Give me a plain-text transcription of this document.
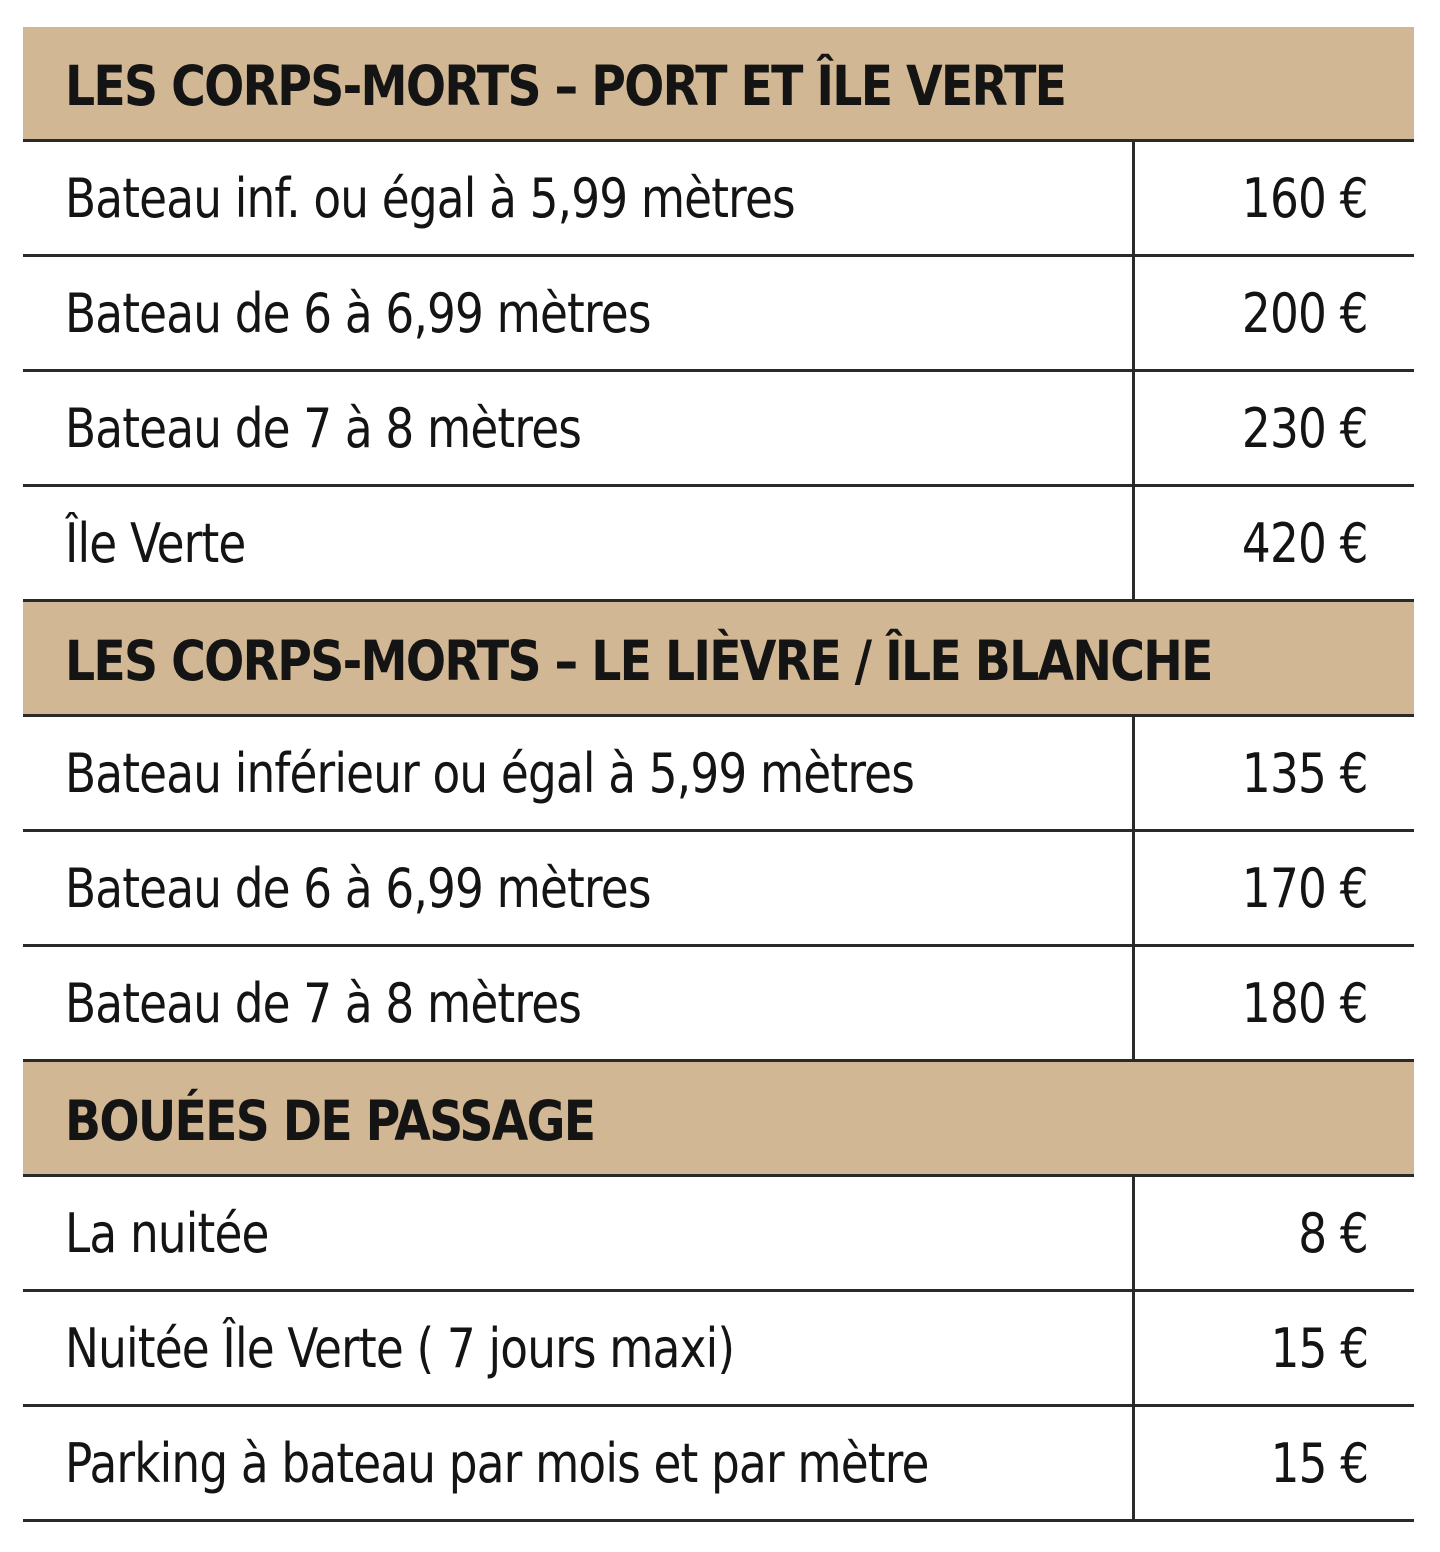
LES CORPS-MORTS – PORT ET ÎLE VERTE
Bateau inf. ou égal à 5,99 mètres	160 €
Bateau de 6 à 6,99 mètres	200 €
Bateau de 7 à 8 mètres	230 €
Île Verte	420 €
LES CORPS-MORTS – LE LIÈVRE / ÎLE BLANCHE
Bateau inférieur ou égal à 5,99 mètres	135 €
Bateau de 6 à 6,99 mètres	170 €
Bateau de 7 à 8 mètres	180 €
BOUÉES DE PASSAGE
La nuitée	8 €
Nuitée Île Verte ( 7 jours maxi)	15 €
Parking à bateau par mois et par mètre	15 €
